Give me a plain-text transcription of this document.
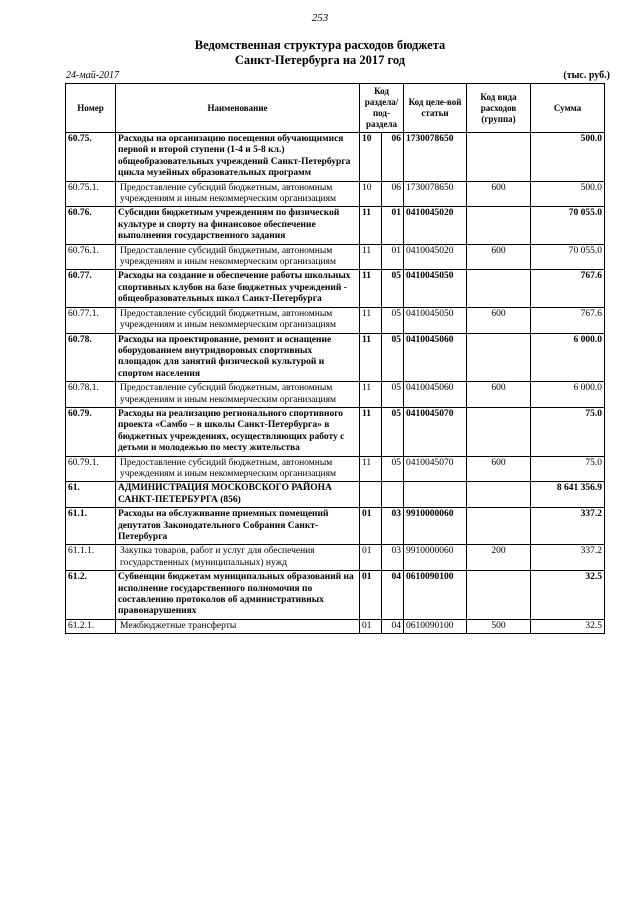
253
Ведомственная структура расходов бюджета
Санкт-Петербурга на 2017 год
24-май-2017	(тыс. руб.)
Номер	Наименование	Код раздела/ под-раздела		Код целе-вой статьи	Код вида расходов (группа)	Сумма
60.75.	Расходы на организацию посещения обучающимися первой и второй ступени (1-4 и 5-8 кл.) общеобразовательных учреждений Санкт-Петербурга цикла музейных образовательных программ	10	06	1730078650		500.0
60.75.1.	Предоставление субсидий бюджетным, автономным учреждениям и иным некоммерческим организациям	10	06	1730078650	600	500.0
60.76.	Субсидии бюджетным учреждениям по физической культуре и спорту на финансовое обеспечение выполнения государственного задания	11	01	0410045020		70 055.0
60.76.1.	Предоставление субсидий бюджетным, автономным учреждениям и иным некоммерческим организациям	11	01	0410045020	600	70 055.0
60.77.	Расходы на создание и обеспечение работы школьных спортивных клубов на базе бюджетных учреждений - общеобразовательных школ Санкт-Петербурга	11	05	0410045050		767.6
60.77.1.	Предоставление субсидий бюджетным, автономным учреждениям и иным некоммерческим организациям	11	05	0410045050	600	767.6
60.78.	Расходы на проектирование, ремонт и оснащение оборудованием внутридворовых спортивных площадок для занятий физической культурой и спортом населения	11	05	0410045060		6 000.0
60.78.1.	Предоставление субсидий бюджетным, автономным учреждениям и иным некоммерческим организациям	11	05	0410045060	600	6 000.0
60.79.	Расходы на реализацию регионального спортивного проекта «Самбо – в школы Санкт-Петербурга» в бюджетных учреждениях, осуществляющих работу с детьми и молодежью по месту жительства	11	05	0410045070		75.0
60.79.1.	Предоставление субсидий бюджетным, автономным учреждениям и иным некоммерческим организациям	11	05	0410045070	600	75.0
61.	АДМИНИСТРАЦИЯ МОСКОВСКОГО РАЙОНА САНКТ-ПЕТЕРБУРГА (856)					8 641 356.9
61.1.	Расходы на обслуживание приемных помещений депутатов Законодательного Собрания Санкт-Петербурга	01	03	9910000060		337.2
61.1.1.	Закупка товаров, работ и услуг для обеспечения государственных (муниципальных) нужд	01	03	9910000060	200	337.2
61.2.	Субвенции бюджетам муниципальных образований на исполнение государственного полномочия по составлению протоколов об административных правонарушениях	01	04	0610090100		32.5
61.2.1.	Межбюджетные трансферты	01	04	0610090100	500	32.5
